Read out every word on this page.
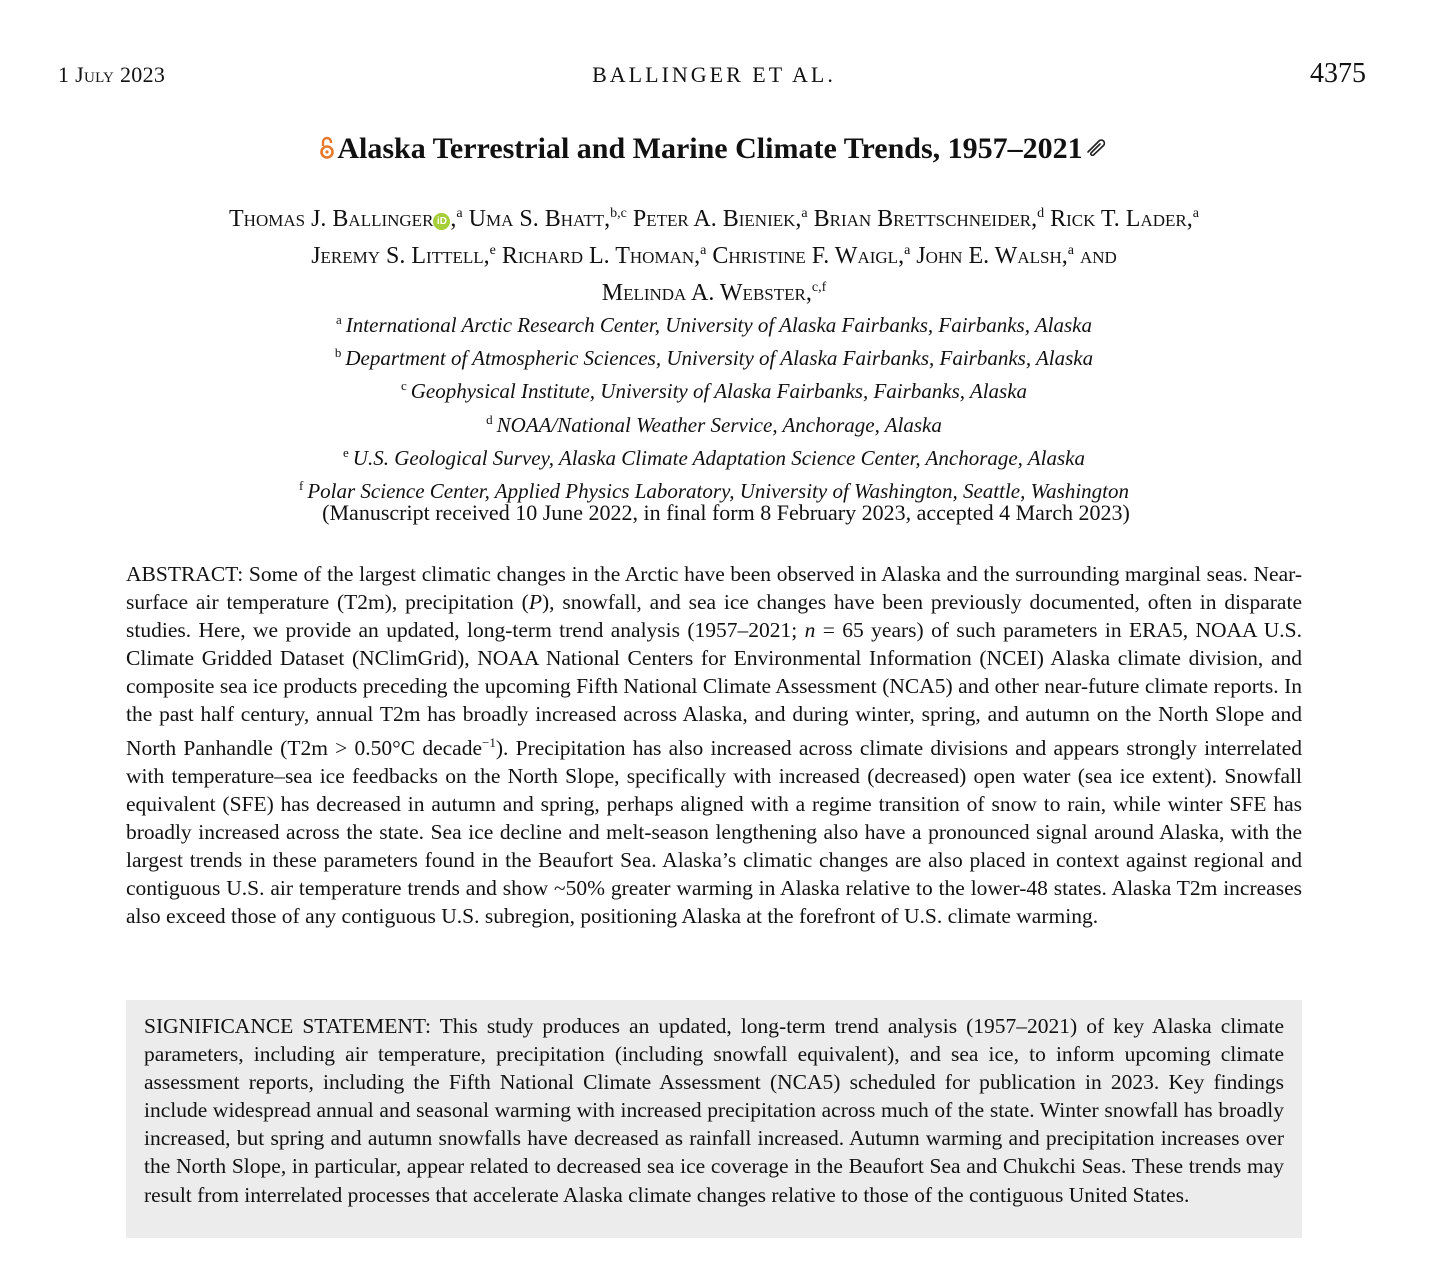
1 July 2023	BALLINGER ET AL.	4375
Alaska Terrestrial and Marine Climate Trends, 1957–2021
Thomas J. Ballinger iD ,$^a$ Uma S. Bhatt,$^{b,c}$ Peter A. Bieniek,$^a$ Brian Brettschneider,$^d$ Rick T. Lader,$^a$
Jeremy S. Littell,$^e$ Richard L. Thoman,$^a$ Christine F. Waigl,$^a$ John E. Walsh,$^a$ and
Melinda A. Webster,$^{c,f}$
$^a$ International Arctic Research Center, University of Alaska Fairbanks, Fairbanks, Alaska
$^b$ Department of Atmospheric Sciences, University of Alaska Fairbanks, Fairbanks, Alaska
$^c$ Geophysical Institute, University of Alaska Fairbanks, Fairbanks, Alaska
$^d$ NOAA/National Weather Service, Anchorage, Alaska
$^e$ U.S. Geological Survey, Alaska Climate Adaptation Science Center, Anchorage, Alaska
$^f$ Polar Science Center, Applied Physics Laboratory, University of Washington, Seattle, Washington
(Manuscript received 10 June 2022, in final form 8 February 2023, accepted 4 March 2023)
ABSTRACT: Some of the largest climatic changes in the Arctic have been observed in Alaska and the surrounding marginal seas. Near-surface air temperature (T2m), precipitation (P), snowfall, and sea ice changes have been previously documented, often in disparate studies. Here, we provide an updated, long-term trend analysis (1957–2021; n = 65 years) of such parameters in ERA5, NOAA U.S. Climate Gridded Dataset (NClimGrid), NOAA National Centers for Environmental Information (NCEI) Alaska climate division, and composite sea ice products preceding the upcoming Fifth National Climate Assessment (NCA5) and other near-future climate reports. In the past half century, annual T2m has broadly increased across Alaska, and during winter, spring, and autumn on the North Slope and North Panhandle (T2m > 0.50°C decade$^{-1}$). Precipitation has also increased across climate divisions and appears strongly interrelated with temperature–sea ice feedbacks on the North Slope, specifically with increased (decreased) open water (sea ice extent). Snowfall equivalent (SFE) has decreased in autumn and spring, perhaps aligned with a regime transition of snow to rain, while winter SFE has broadly increased across the state. Sea ice decline and melt-season lengthening also have a pronounced signal around Alaska, with the largest trends in these parameters found in the Beaufort Sea. Alaska’s climatic changes are also placed in context against regional and contiguous U.S. air temperature trends and show ~50% greater warming in Alaska relative to the lower-48 states. Alaska T2m increases also exceed those of any contiguous U.S. subregion, positioning Alaska at the forefront of U.S. climate warming.
SIGNIFICANCE STATEMENT: This study produces an updated, long-term trend analysis (1957–2021) of key Alaska climate parameters, including air temperature, precipitation (including snowfall equivalent), and sea ice, to inform upcoming climate assessment reports, including the Fifth National Climate Assessment (NCA5) scheduled for publication in 2023. Key findings include widespread annual and seasonal warming with increased precipitation across much of the state. Winter snowfall has broadly increased, but spring and autumn snowfalls have decreased as rainfall increased. Autumn warming and precipitation increases over the North Slope, in particular, appear related to decreased sea ice coverage in the Beaufort Sea and Chukchi Seas. These trends may result from interrelated processes that accelerate Alaska climate changes relative to those of the contiguous United States.
